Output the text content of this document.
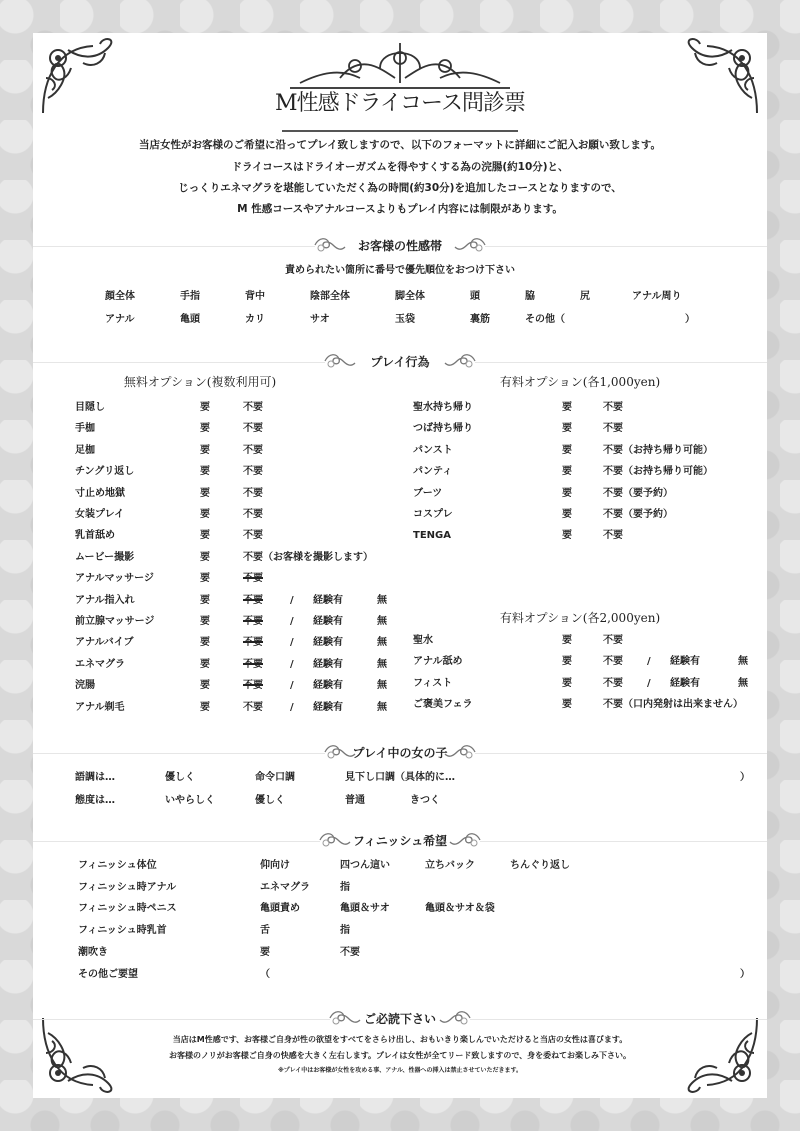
M性感ドライコース問診票
当店女性がお客様のご希望に沿ってプレイ致しますので、以下のフォーマットに詳細にご記入お願い致します。
ドライコースはドライオーガズムを得やすくする為の浣腸(約10分)と、
じっくりエネマグラを堪能していただく為の時間(約30分)を追加したコースとなりますので、
M 性感コースやアナルコースよりもプレイ内容には制限があります。
お客様の性感帯
責められたい箇所に番号で優先順位をおつけ下さい
顔全体	手指	背中	陰部全体	脚全体	頭	脇	尻	アナル周り
アナル	亀頭	カリ	サオ	玉袋	裏筋	その他（	）
プレイ行為
無料オプション(複数利用可)	有料オプション(各1,000yen)
有料オプション(各2,000yen)
目隠し	要	不要
手枷	要	不要
足枷	要	不要
チングリ返し	要	不要
寸止め地獄	要	不要
女装プレイ	要	不要
乳首舐め	要	不要
ムービー撮影	要	不要（お客様を撮影します）
アナルマッサージ	要	不要
アナル指入れ	要	不要	/ 経験有	無
前立腺マッサージ	要	不要	/ 経験有	無
アナルバイブ	要	不要	/ 経験有	無
エネマグラ	要	不要	/ 経験有	無
浣腸	要	不要	/ 経験有	無
アナル剃毛	要	不要	/ 経験有	無
聖水持ち帰り	要	不要
つば持ち帰り	要	不要
パンスト	要	不要（お持ち帰り可能）
パンティ	要	不要（お持ち帰り可能）
ブーツ	要	不要（要予約）
コスプレ	要	不要（要予約）
TENGA	要	不要
聖水	要	不要
アナル舐め	要	不要 / 経験有	無
フィスト	要	不要 / 経験有	無
ご褒美フェラ	要	不要（口内発射は出来ません）
プレイ中の女の子
語調は…	優しく	命令口調	見下し口調（具体的に…	）
態度は…	いやらしく	優しく	普通	きつく
フィニッシュ希望
フィニッシュ体位	仰向け	四つん這い	立ちバック	ちんぐり返し
フィニッシュ時アナル	エネマグラ	指
フィニッシュ時ペニス	亀頭責め	亀頭＆サオ	亀頭＆サオ＆袋
フィニッシュ時乳首	舌	指
潮吹き	要	不要
その他ご要望	（	）
ご必読下さい
当店はM性感です、お客様ご自身が性の欲望をすべてをさらけ出し、おもいきり楽しんでいただけると当店の女性は喜びます。
お客様のノリがお客様ご自身の快感を大きく左右します。プレイは女性が全てリード致しますので、身を委ねてお楽しみ下さい。
※プレイ中はお客様が女性を攻める事、アナル、性器への挿入は禁止させていただきます。
